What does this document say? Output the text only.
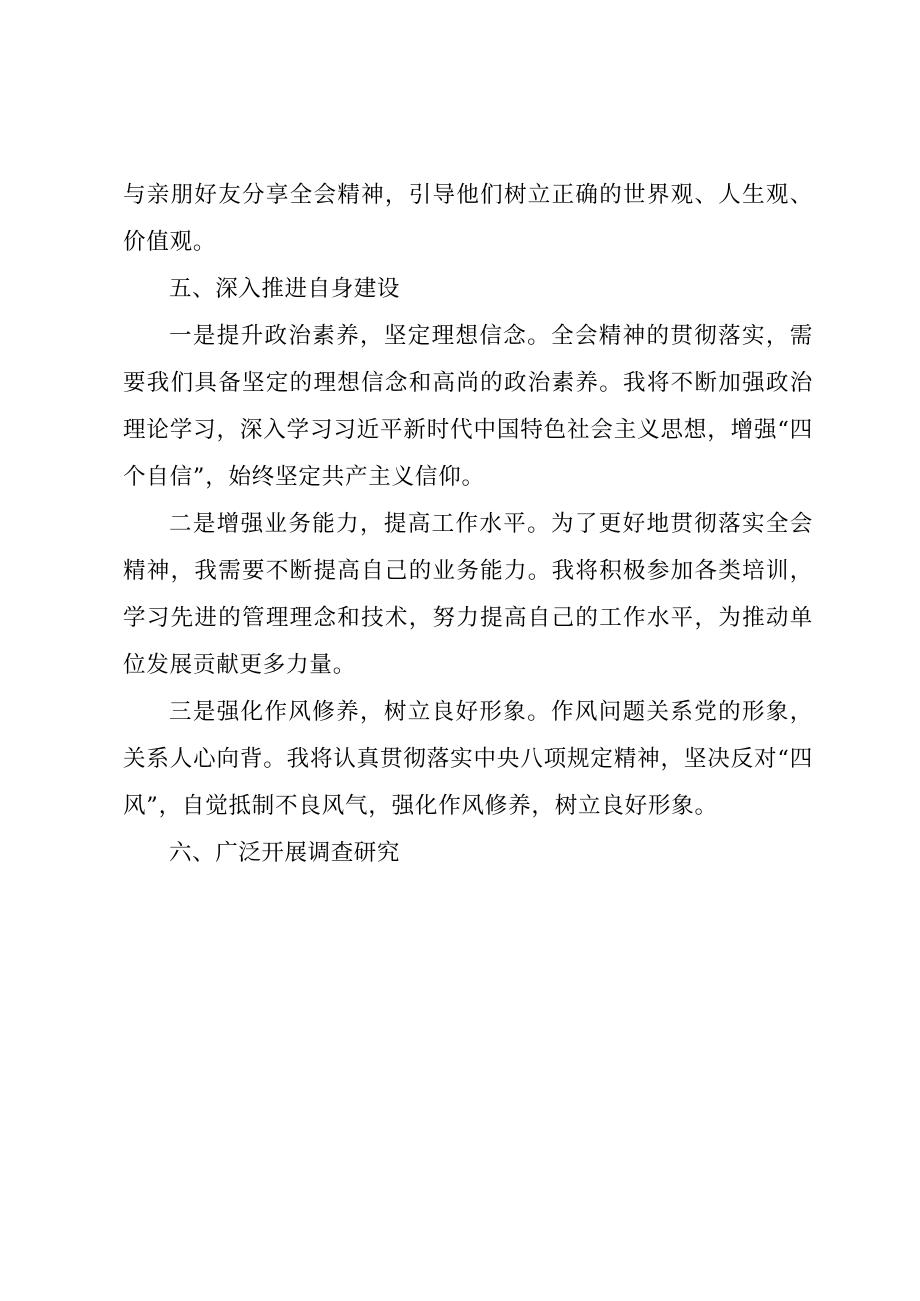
与亲朋好友分享全会精神，引导他们树立正确的世界观、人生观、价值观。

五、深入推进自身建设

一是提升政治素养，坚定理想信念。全会精神的贯彻落实，需要我们具备坚定的理想信念和高尚的政治素养。我将不断加强政治理论学习，深入学习习近平新时代中国特色社会主义思想，增强“四个自信”，始终坚定共产主义信仰。

二是增强业务能力，提高工作水平。为了更好地贯彻落实全会精神，我需要不断提高自己的业务能力。我将积极参加各类培训，学习先进的管理理念和技术，努力提高自己的工作水平，为推动单位发展贡献更多力量。

三是强化作风修养，树立良好形象。作风问题关系党的形象，关系人心向背。我将认真贯彻落实中央八项规定精神，坚决反对“四风”，自觉抵制不良风气，强化作风修养，树立良好形象。

六、广泛开展调查研究
